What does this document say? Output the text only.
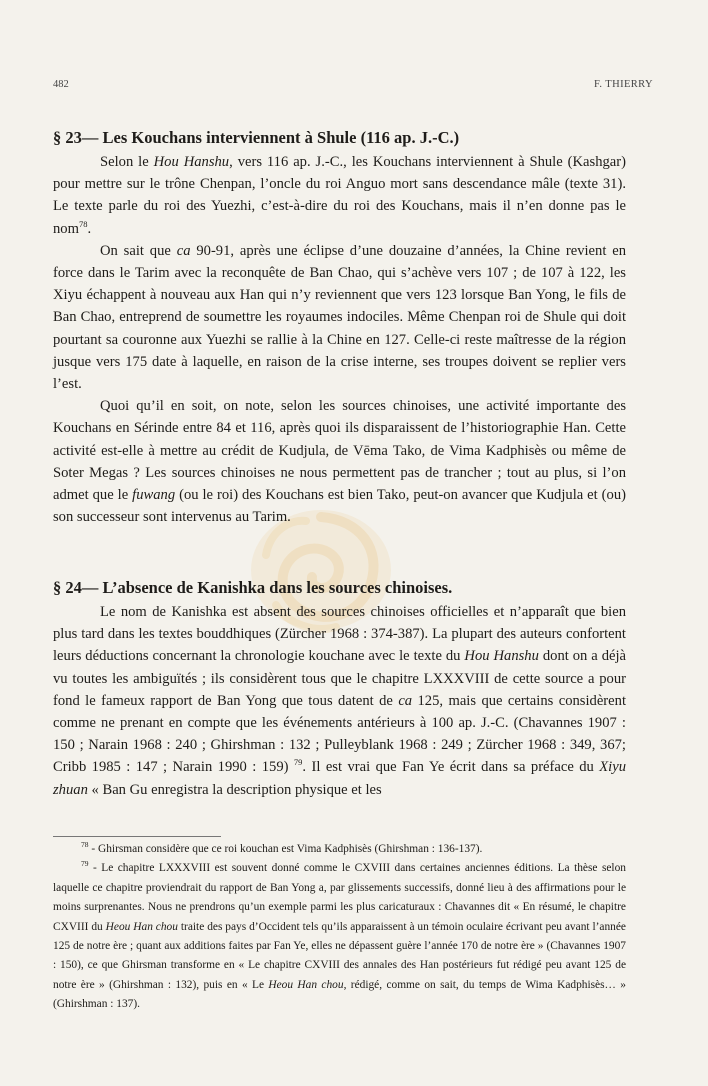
482	F. THIERRY
§ 23— Les Kouchans interviennent à Shule (116 ap. J.-C.)

Selon le Hou Hanshu, vers 116 ap. J.-C., les Kouchans interviennent à Shule (Kashgar) pour mettre sur le trône Chenpan, l’oncle du roi Anguo mort sans descendance mâle (texte 31). Le texte parle du roi des Yuezhi, c’est-à-dire du roi des Kouchans, mais il n’en donne pas le nom$^{78}$.

On sait que ca 90-91, après une éclipse d’une douzaine d’années, la Chine revient en force dans le Tarim avec la reconquête de Ban Chao, qui s’achève vers 107 ; de 107 à 122, les Xiyu échappent à nouveau aux Han qui n’y reviennent que vers 123 lorsque Ban Yong, le fils de Ban Chao, entreprend de soumettre les royaumes indociles. Même Chenpan roi de Shule qui doit pourtant sa couronne aux Yuezhi se rallie à la Chine en 127. Celle-ci reste maîtresse de la région jusque vers 175 date à laquelle, en raison de la crise interne, ses troupes doivent se replier vers l’est.

Quoi qu’il en soit, on note, selon les sources chinoises, une activité importante des Kouchans en Sérinde entre 84 et 116, après quoi ils disparaissent de l’historiographie Han. Cette activité est-elle à mettre au crédit de Kudjula, de Vēma Tako, de Vima Kadphisès ou même de Soter Megas ? Les sources chinoises ne nous permettent pas de trancher ; tout au plus, si l’on admet que le fuwang (ou le roi) des Kouchans est bien Tako, peut-on avancer que Kudjula et (ou) son successeur sont intervenus au Tarim.

§ 24— L’absence de Kanishka dans les sources chinoises.

Le nom de Kanishka est absent des sources chinoises officielles et n’apparaît que bien plus tard dans les textes bouddhiques (Zürcher 1968 : 374-387). La plupart des auteurs confortent leurs déductions concernant la chronologie kouchane avec le texte du Hou Hanshu dont on a déjà vu toutes les ambiguïtés ; ils considèrent tous que le chapitre LXXXVIII de cette source a pour fond le fameux rapport de Ban Yong que tous datent de ca 125, mais que certains considèrent comme ne prenant en compte que les événements antérieurs à 100 ap. J.-C. (Chavannes 1907 : 150 ; Narain 1968 : 240 ; Ghirshman : 132 ; Pulleyblank 1968 : 249 ; Zürcher 1968 : 349, 367; Cribb 1985 : 147 ; Narain 1990 : 159) $^{79}$. Il est vrai que Fan Ye écrit dans sa préface du Xiyu zhuan « Ban Gu enregistra la description physique et les

$^{78}$ - Ghirsman considère que ce roi kouchan est Vima Kadphisès (Ghirshman : 136-137).

$^{79}$ - Le chapitre LXXXVIII est souvent donné comme le CXVIII dans certaines anciennes éditions. La thèse selon laquelle ce chapitre proviendrait du rapport de Ban Yong a, par glissements successifs, donné lieu à des affirmations pour le moins surprenantes. Nous ne prendrons qu’un exemple parmi les plus caricaturaux : Chavannes dit « En résumé, le chapitre CXVIII du Heou Han chou traite des pays d’Occident tels qu’ils apparaissent à un témoin oculaire écrivant peu avant l’année 125 de notre ère ; quant aux additions faites par Fan Ye, elles ne dépassent guère l’année 170 de notre ère » (Chavannes 1907 : 150), ce que Ghirsman transforme en « Le chapitre CXVIII des annales des Han postérieurs fut rédigé peu avant 125 de notre ère » (Ghirshman : 132), puis en « Le Heou Han chou, rédigé, comme on sait, du temps de Wima Kadphisès… » (Ghirshman : 137).
